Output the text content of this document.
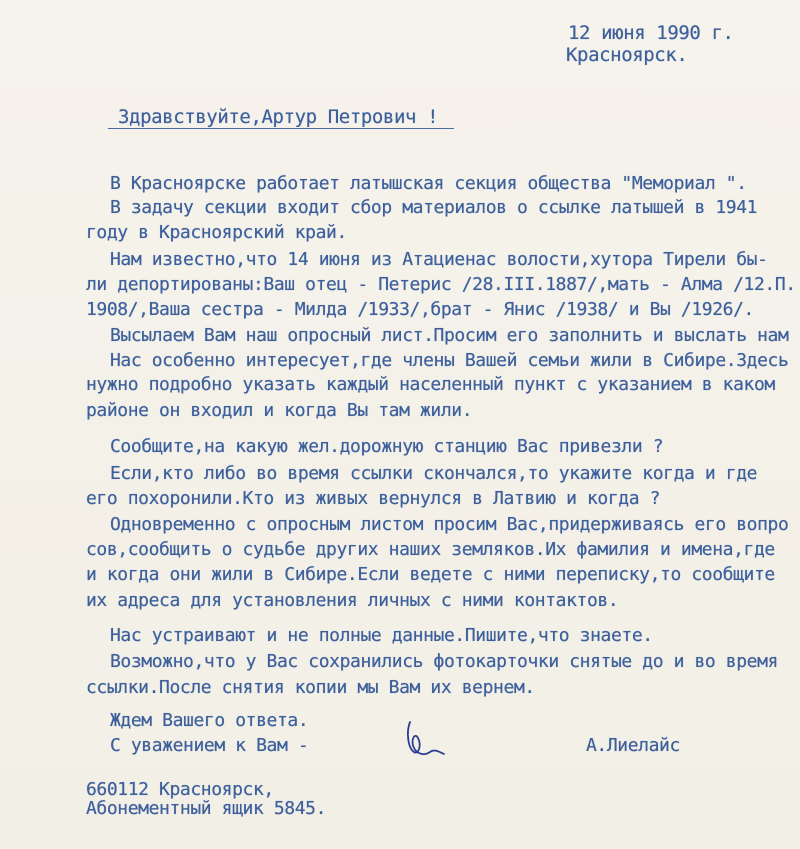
12 июня 1990 г.
Красноярск.
Здравствуйте,Артур Петрович !
В Красноярске работает латышская секция общества "Мемориал ".
В задачу секции входит сбор материалов о ссылке латышей в 1941
году в Красноярский край.
Нам известно,что 14 июня из Атациенас волости,хутора Тирели бы-
ли депортированы:Ваш отец - Петерис /28.III.1887/,мать - Алма /12.П.
1908/,Ваша сестра - Милда /1933/,брат - Янис /1938/ и Вы /1926/.
Высылаем Вам наш опросный лист.Просим его заполнить и выслать нам
Нас особенно интересует,где члены Вашей семьи жили в Сибире.Здесь
нужно подробно указать каждый населенный пункт с указанием в каком
районе он входил и когда Вы там жили.
Сообщите,на какую жел.дорожную станцию Вас привезли ?
Если,кто либо во время ссылки скончался,то укажите когда и где
его похоронили.Кто из живых вернулся в Латвию и когда ?
Одновременно с опросным листом просим Вас,придерживаясь его вопро
сов,сообщить о судьбе других наших земляков.Их фамилия и имена,где
и когда они жили в Сибире.Если ведете с ними переписку,то сообщите
их адреса для установления личных с ними контактов.
Нас устраивают и не полные данные.Пишите,что знаете.
Возможно,что у Вас сохранились фотокарточки снятые до и во время
ссылки.После снятия копии мы Вам их вернем.
Ждем Вашего ответа.
С уважением к Вам -	А.Лиелайс
660112 Красноярск,
Абонементный ящик 5845.
